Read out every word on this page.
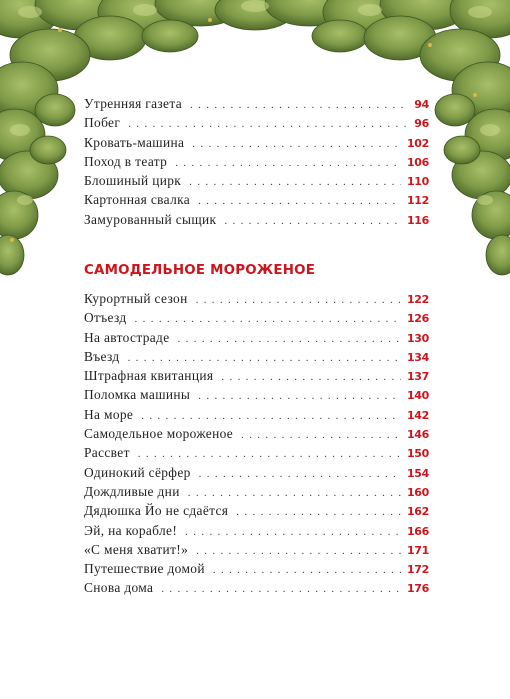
Утренняя газета . . .	94
Побег . . .	96
Кровать-машина . . .	102
Поход в театр . . .	106
Блошиный цирк . . .	110
Картонная свалка . . .	112
Замурованный сыщик . . .	116
САМОДЕЛЬНОЕ МОРОЖЕНОЕ
Курортный сезон . . .	122
Отъезд . . .	126
На автостраде . . .	130
Въезд . . .	134
Штрафная квитанция . . .	137
Поломка машины . . .	140
На море . . .	142
Самодельное мороженое . . .	146
Рассвет . . .	150
Одинокий сёрфер . . .	154
Дождливые дни . . .	160
Дядюшка Йо не сдаётся . . .	162
Эй, на корабле! . . .	166
«С меня хватит!» . . .	171
Путешествие домой . . .	172
Снова дома . . .	176
